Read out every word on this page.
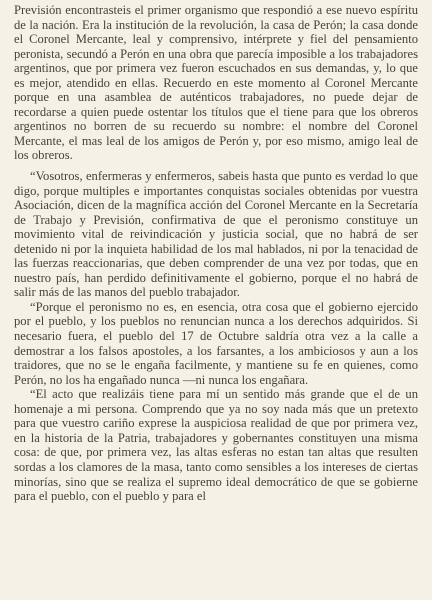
Previsión encontrasteis el primer organismo que respondió a ese nuevo espíritu de la nación. Era la institución de la revolución, la casa de Perón; la casa donde el Coronel Mercante, leal y comprensivo, intérprete y fiel del pensamiento peronista, secundó a Perón en una obra que parecía imposible a los trabajadores argentinos, que por primera vez fueron escuchados en sus demandas, y, lo que es mejor, atendido en ellas. Recuerdo en este momento al Coronel Mercante porque en una asamblea de auténticos trabajadores, no puede dejar de recordarse a quien puede ostentar los títulos que el tiene para que los obreros argentinos no borren de su recuerdo su nombre: el nombre del Coronel Mercante, el mas leal de los amigos de Perón y, por eso mismo, amigo leal de los obreros.

“Vosotros, enfermeras y enfermeros, sabeis hasta que punto es verdad lo que digo, porque multiples e importantes conquistas sociales obtenidas por vuestra Asociación, dicen de la magnífica acción del Coronel Mercante en la Secretaría de Trabajo y Previsión, confirmativa de que el peronismo constituye un movimiento vital de reivindicación y justicia social, que no habrá de ser detenido ni por la inquieta habilidad de los mal hablados, ni por la tenacidad de las fuerzas reaccionarias, que deben comprender de una vez por todas, que en nuestro país, han perdido definitivamente el gobierno, porque el no habrá de salir más de las manos del pueblo trabajador.

“Porque el peronismo no es, en esencia, otra cosa que el gobierno ejercido por el pueblo, y los pueblos no renuncian nunca a los derechos adquiridos. Si necesario fuera, el pueblo del 17 de Octubre saldría otra vez a la calle a demostrar a los falsos apostoles, a los farsantes, a los ambiciosos y aun a los traidores, que no se le engaña facilmente, y mantiene su fe en quienes, como Perón, no los ha engañado nunca —ni nunca los engañara.

“El acto que realizáis tiene para mí un sentido más grande que el de un homenaje a mi persona. Comprendo que ya no soy nada más que un pretexto para que vuestro cariño exprese la auspiciosa realidad de que por primera vez, en la historia de la Patria, trabajadores y gobernantes constituyen una misma cosa: de que, por primera vez, las altas esferas no estan tan altas que resulten sordas a los clamores de la masa, tanto como sensibles a los intereses de ciertas minorías, sino que se realiza el supremo ideal democrático de que se gobierne para el pueblo, con el pueblo y para el
